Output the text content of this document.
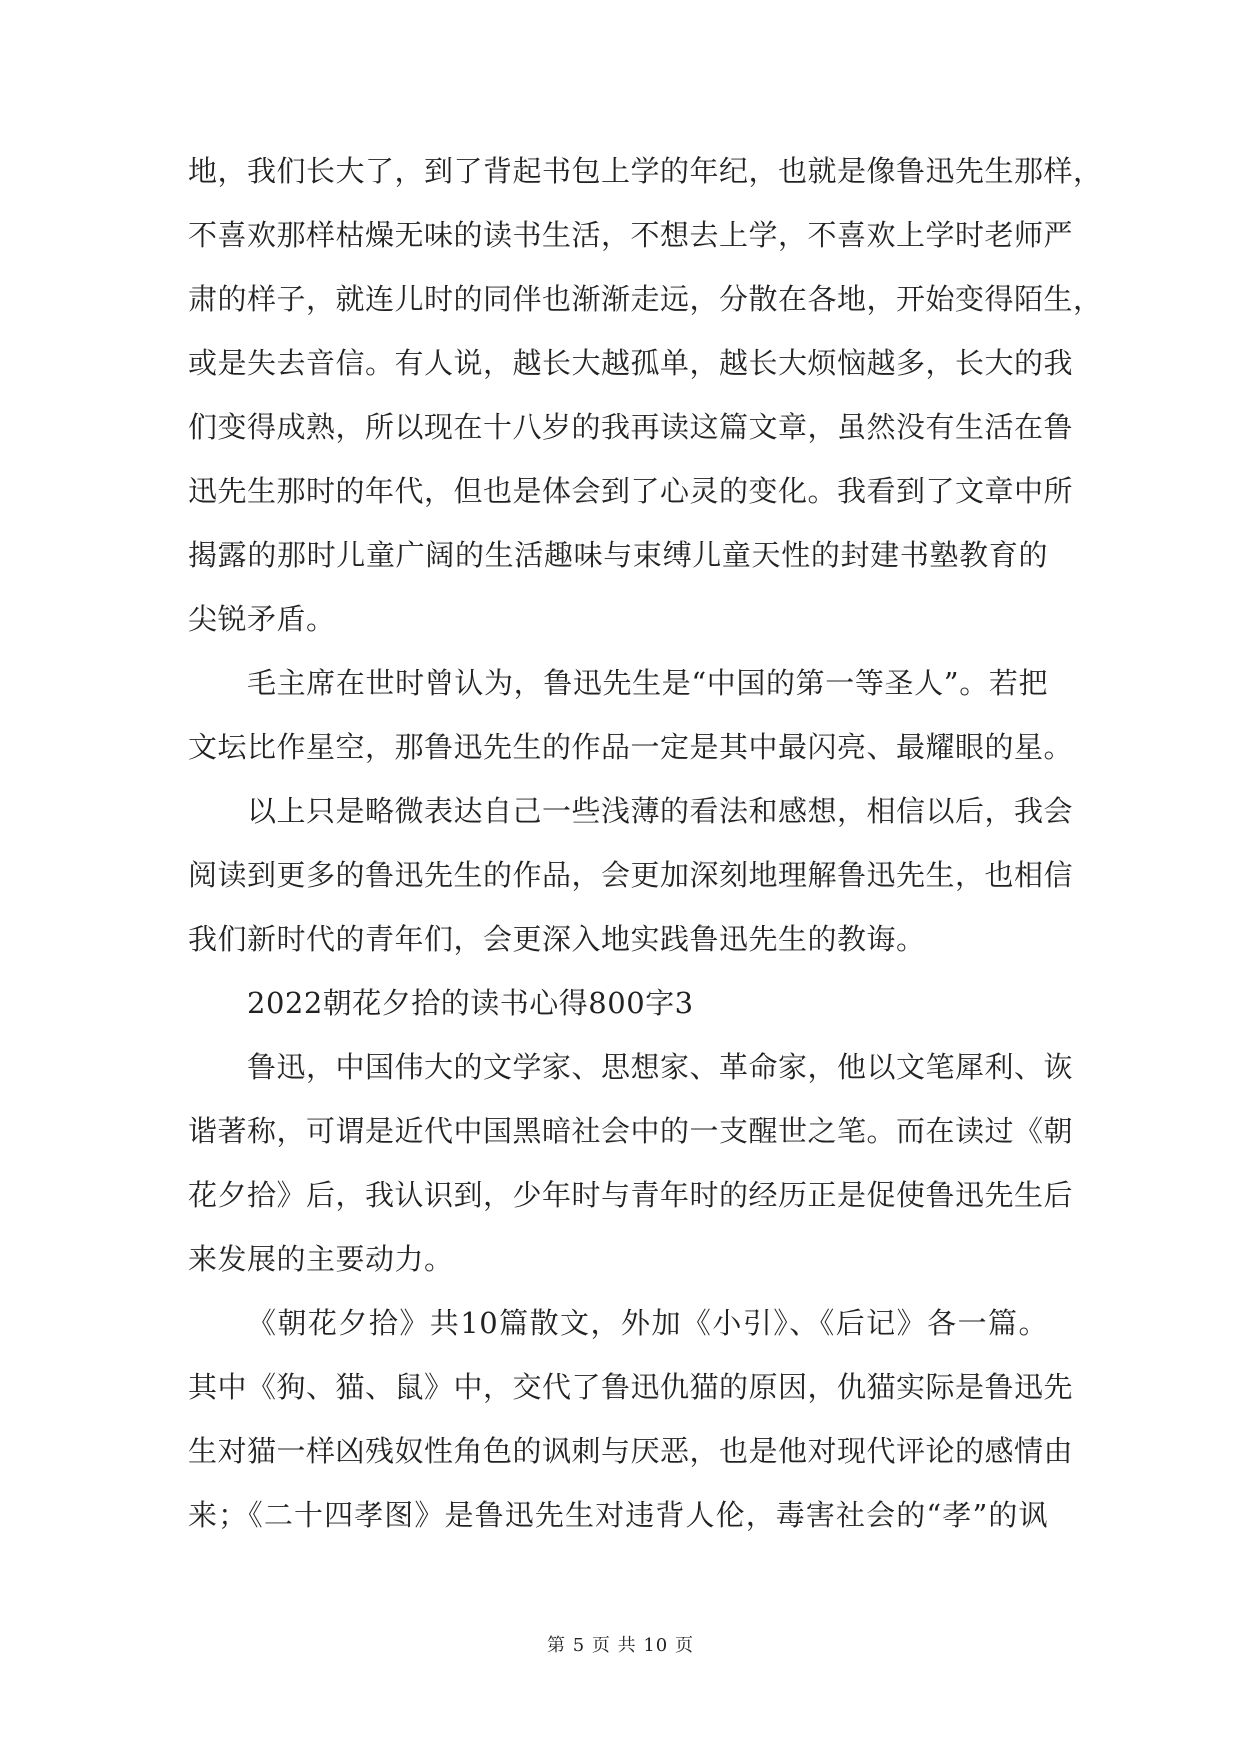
地，我们长大了，到了背起书包上学的年纪，也就是像鲁迅先生那样，
不喜欢那样枯燥无味的读书生活，不想去上学，不喜欢上学时老师严
肃的样子，就连儿时的同伴也渐渐走远，分散在各地，开始变得陌生，
或是失去音信。有人说，越长大越孤单，越长大烦恼越多，长大的我
们变得成熟，所以现在十八岁的我再读这篇文章，虽然没有生活在鲁
迅先生那时的年代，但也是体会到了心灵的变化。我看到了文章中所
揭露的那时儿童广阔的生活趣味与束缚儿童天性的封建书塾教育的
尖锐矛盾。
毛主席在世时曾认为，鲁迅先生是“中国的第一等圣人”。若把
文坛比作星空，那鲁迅先生的作品一定是其中最闪亮、最耀眼的星。
以上只是略微表达自己一些浅薄的看法和感想，相信以后，我会
阅读到更多的鲁迅先生的作品，会更加深刻地理解鲁迅先生，也相信
我们新时代的青年们，会更深入地实践鲁迅先生的教诲。
2022朝花夕拾的读书心得800字3
鲁迅，中国伟大的文学家、思想家、革命家，他以文笔犀利、诙
谐著称，可谓是近代中国黑暗社会中的一支醒世之笔。而在读过《朝
花夕拾》后，我认识到，少年时与青年时的经历正是促使鲁迅先生后
来发展的主要动力。
《朝花夕拾》共10篇散文，外加《小引》、《后记》各一篇。
其中《狗、猫、鼠》中，交代了鲁迅仇猫的原因，仇猫实际是鲁迅先
生对猫一样凶残奴性角色的讽刺与厌恶，也是他对现代评论的感情由
来；《二十四孝图》是鲁迅先生对违背人伦，毒害社会的“孝”的讽
第 5 页 共 10 页
